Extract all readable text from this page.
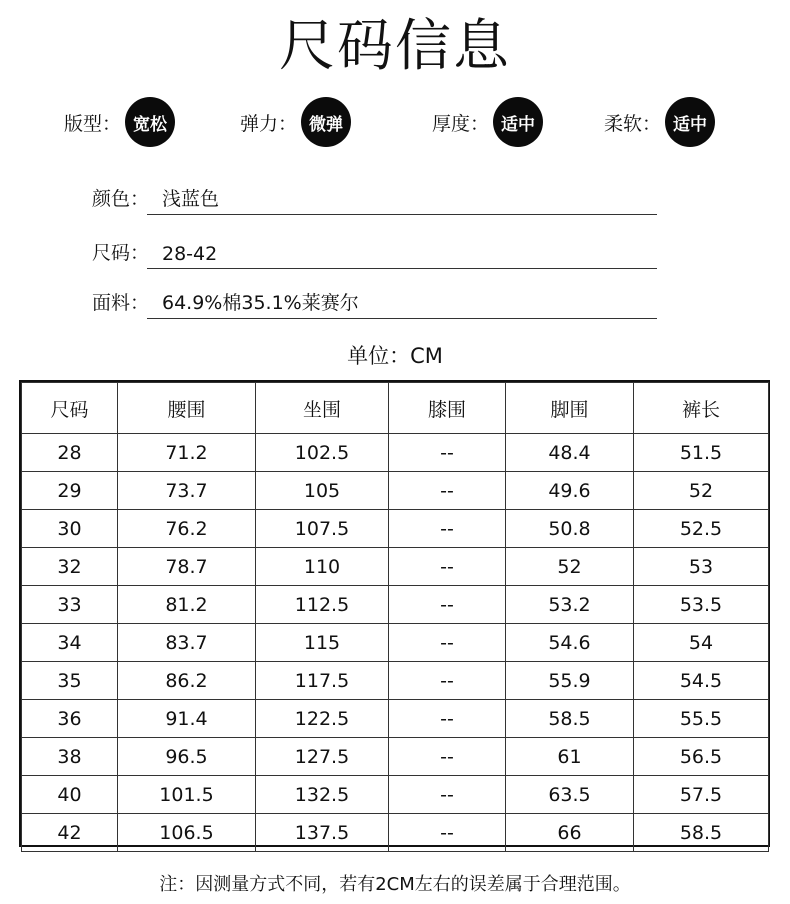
尺码信息
版型： 宽松	弹力： 微弹	厚度： 适中	柔软： 适中
颜色： 浅蓝色
尺码： 28-42
面料： 64.9%棉35.1%莱赛尔
单位：CM
尺码	腰围	坐围	膝围	脚围	裤长
28	71.2	102.5	--	48.4	51.5
29	73.7	105	--	49.6	52
30	76.2	107.5	--	50.8	52.5
32	78.7	110	--	52	53
33	81.2	112.5	--	53.2	53.5
34	83.7	115	--	54.6	54
35	86.2	117.5	--	55.9	54.5
36	91.4	122.5	--	58.5	55.5
38	96.5	127.5	--	61	56.5
40	101.5	132.5	--	63.5	57.5
42	106.5	137.5	--	66	58.5
注：因测量方式不同，若有2CM左右的误差属于合理范围。
